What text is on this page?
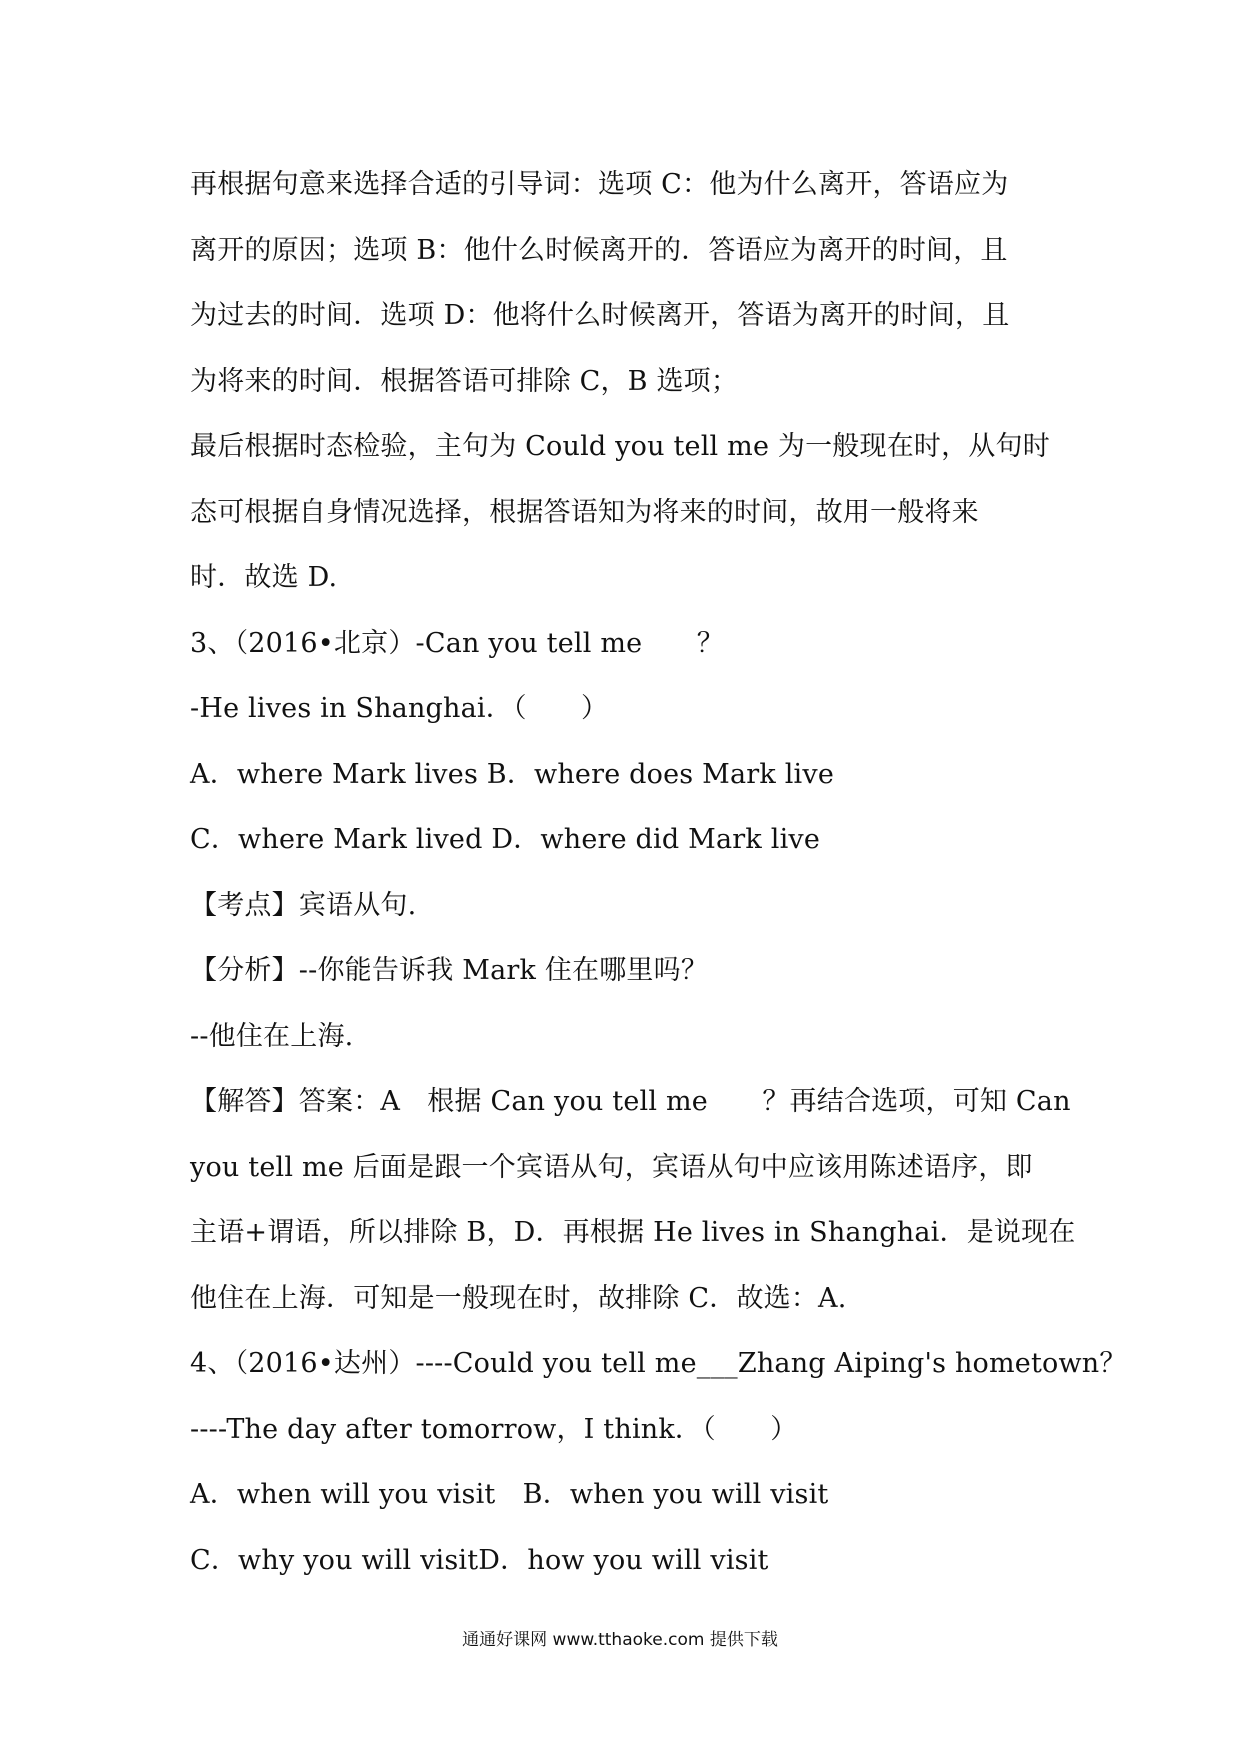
再根据句意来选择合适的引导词：选项 C：他为什么离开，答语应为
离开的原因；选项 B：他什么时候离开的．答语应为离开的时间，且
为过去的时间．选项 D：他将什么时候离开，答语为离开的时间，且
为将来的时间．根据答语可排除 C，B 选项；
最后根据时态检验，主句为 Could you tell me 为一般现在时，从句时
态可根据自身情况选择，根据答语知为将来的时间，故用一般将来
时．故选 D.
3、（2016•北京）-Can you tell me　　？
-He lives in Shanghai．（　　）
A．where Mark lives B．where does Mark live
C．where Mark lived D．where did Mark live
【考点】宾语从句.
【分析】--你能告诉我 Mark 住在哪里吗？
--他住在上海.
【解答】答案：A　根据 Can you tell me　　？再结合选项，可知 Can
you tell me 后面是跟一个宾语从句，宾语从句中应该用陈述语序，即
主语+谓语，所以排除 B，D．再根据 He lives in Shanghai．是说现在
他住在上海．可知是一般现在时，故排除 C．故选：A.
4、（2016•达州）----Could you tell me___Zhang Aiping's hometown？
----The day after tomorrow，I think．（　　）
A．when will you visit　B．when you will visit
C．why you will visitD．how you will visit
通通好课网 www.tthaoke.com 提供下载
